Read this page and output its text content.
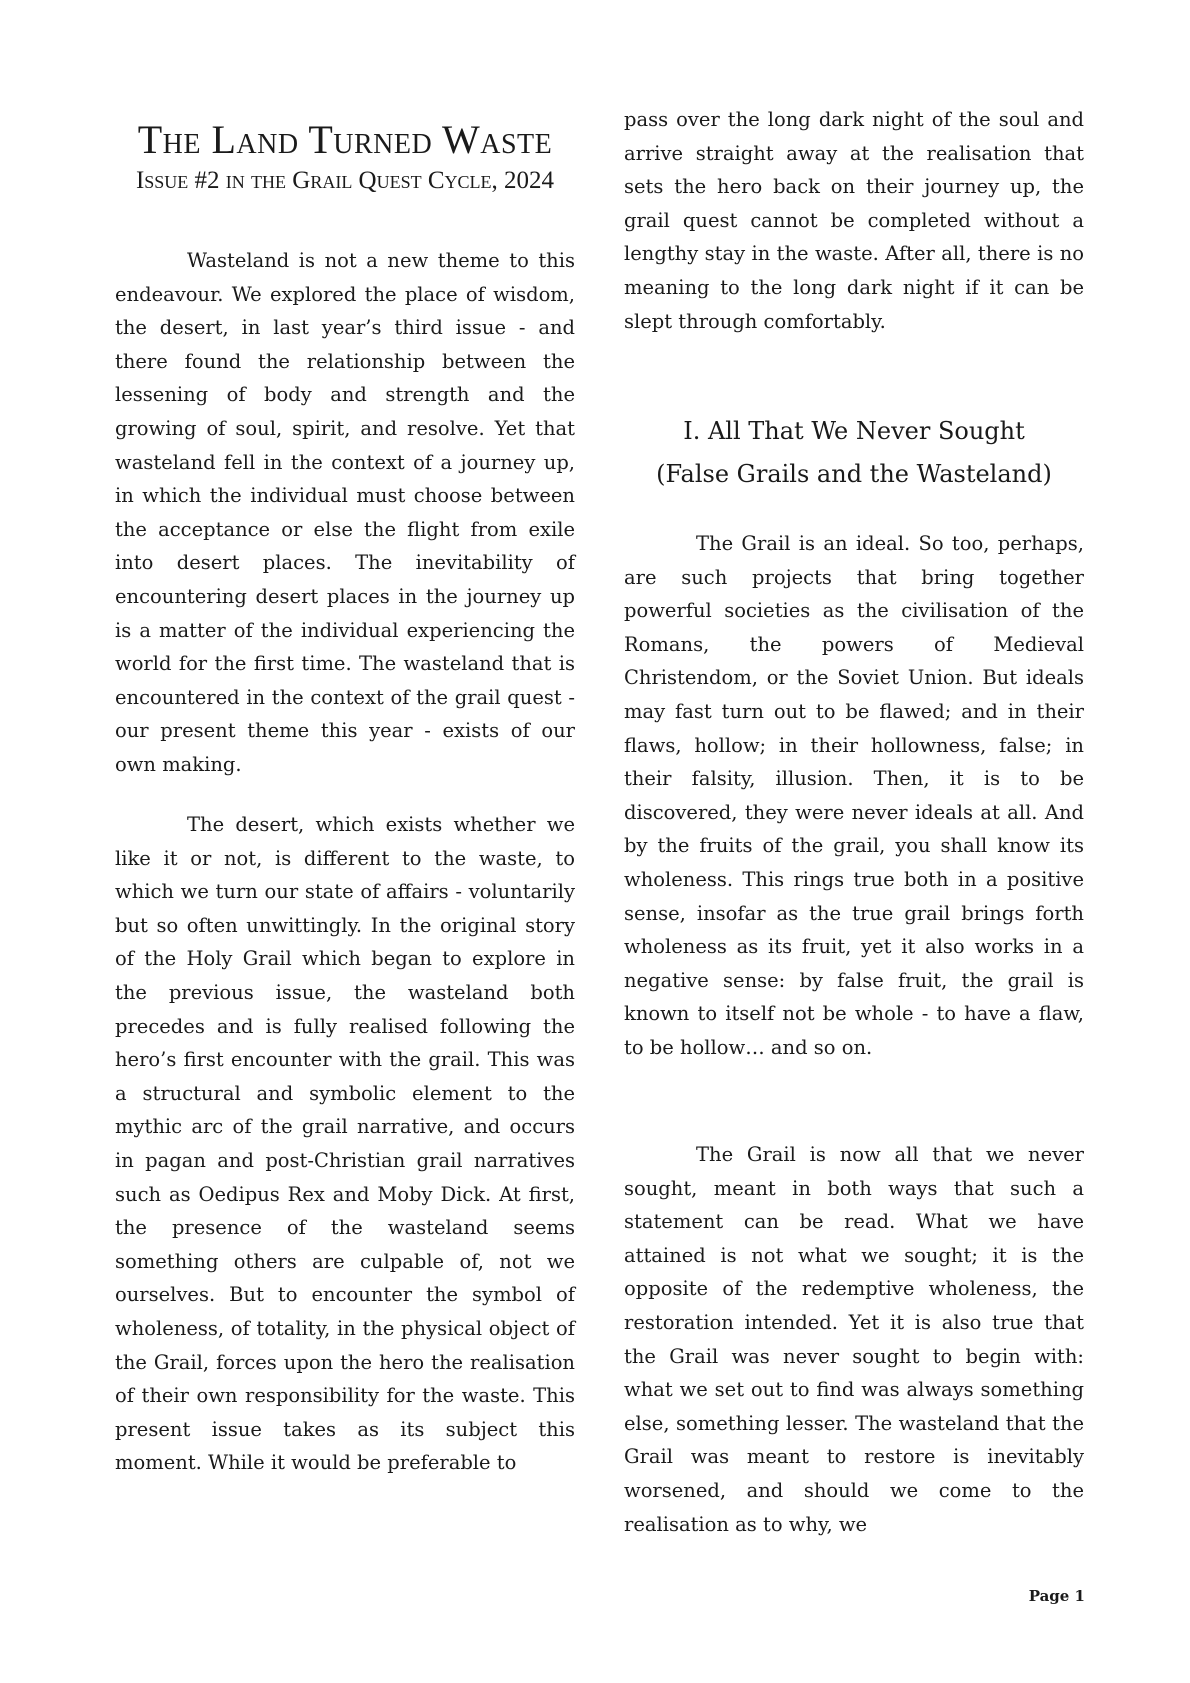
The Land Turned Waste

Issue #2 in the Grail Quest Cycle, 2024

Wasteland is not a new theme to this endeavour. We explored the place of wisdom, the desert, in last year’s third issue - and there found the relationship between the lessening of body and strength and the growing of soul, spirit, and resolve. Yet that wasteland fell in the context of a journey up, in which the individual must choose between the acceptance or else the flight from exile into desert places. The inevitability of encountering desert places in the journey up is a matter of the individual experiencing the world for the first time. The wasteland that is encountered in the context of the grail quest - our present theme this year - exists of our own making.

The desert, which exists whether we like it or not, is different to the waste, to which we turn our state of affairs - voluntarily but so often unwittingly. In the original story of the Holy Grail which began to explore in the previous issue, the wasteland both precedes and is fully realised following the hero’s first encounter with the grail. This was a structural and symbolic element to the mythic arc of the grail narrative, and occurs in pagan and post-Christian grail narratives such as Oedipus Rex and Moby Dick. At first, the presence of the wasteland seems something others are culpable of, not we ourselves. But to encounter the symbol of wholeness, of totality, in the physical object of the Grail, forces upon the hero the realisation of their own responsibility for the waste. This present issue takes as its subject this moment. While it would be preferable to

pass over the long dark night of the soul and arrive straight away at the realisation that sets the hero back on their journey up, the grail quest cannot be completed without a lengthy stay in the waste. After all, there is no meaning to the long dark night if it can be slept through comfortably.

The Grail is an ideal. So too, perhaps, are such projects that bring together powerful societies as the civilisation of the Romans, the powers of Medieval Christendom, or the Soviet Union. But ideals may fast turn out to be flawed; and in their flaws, hollow; in their hollowness, false; in their falsity, illusion. Then, it is to be discovered, they were never ideals at all. And by the fruits of the grail, you shall know its wholeness. This rings true both in a positive sense, insofar as the true grail brings forth wholeness as its fruit, yet it also works in a negative sense: by false fruit, the grail is known to itself not be whole - to have a flaw, to be hollow… and so on.

The Grail is now all that we never sought, meant in both ways that such a statement can be read. What we have attained is not what we sought; it is the opposite of the redemptive wholeness, the restoration intended. Yet it is also true that the Grail was never sought to begin with: what we set out to find was always something else, something lesser. The wasteland that the Grail was meant to restore is inevitably worsened, and should we come to the realisation as to why, we

I. All That We Never Sought
(False Grails and the Wasteland)
Page 1
